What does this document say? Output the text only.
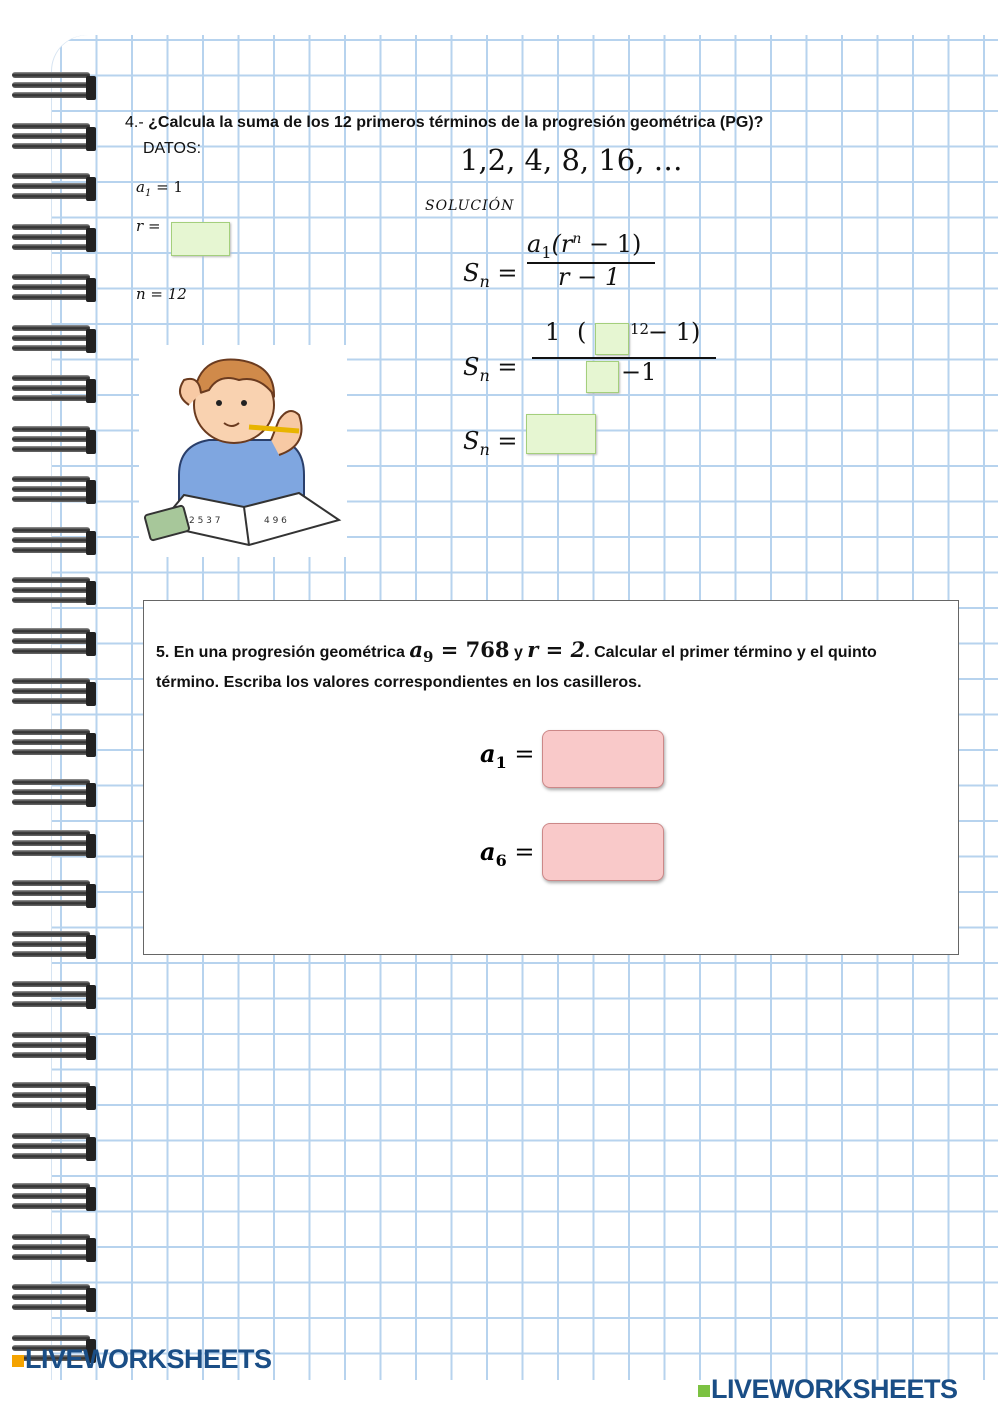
4.- ¿Calcula la suma de los 12 primeros términos de la progresión geométrica (PG)?
DATOS:
$a_1 = 1$
r =
n = 12
1,2, 4, 8, 16, …
SOLUCIÓN
$S_n$ =
$a_1(r^n - 1)$
r − 1
$S_n$ =
1 (	12
− 1)
−1
$S_n$ =
2 5 3 7	4 9 6
5. En una progresión geométrica $a_9 = 768$ y r = 2. Calcular el primer término y el quinto término. Escriba los valores correspondientes en los casilleros.
$a_1$ =
$a_6$ =
LIVEWORKSHEETS
LIVEWORKSHEETS
